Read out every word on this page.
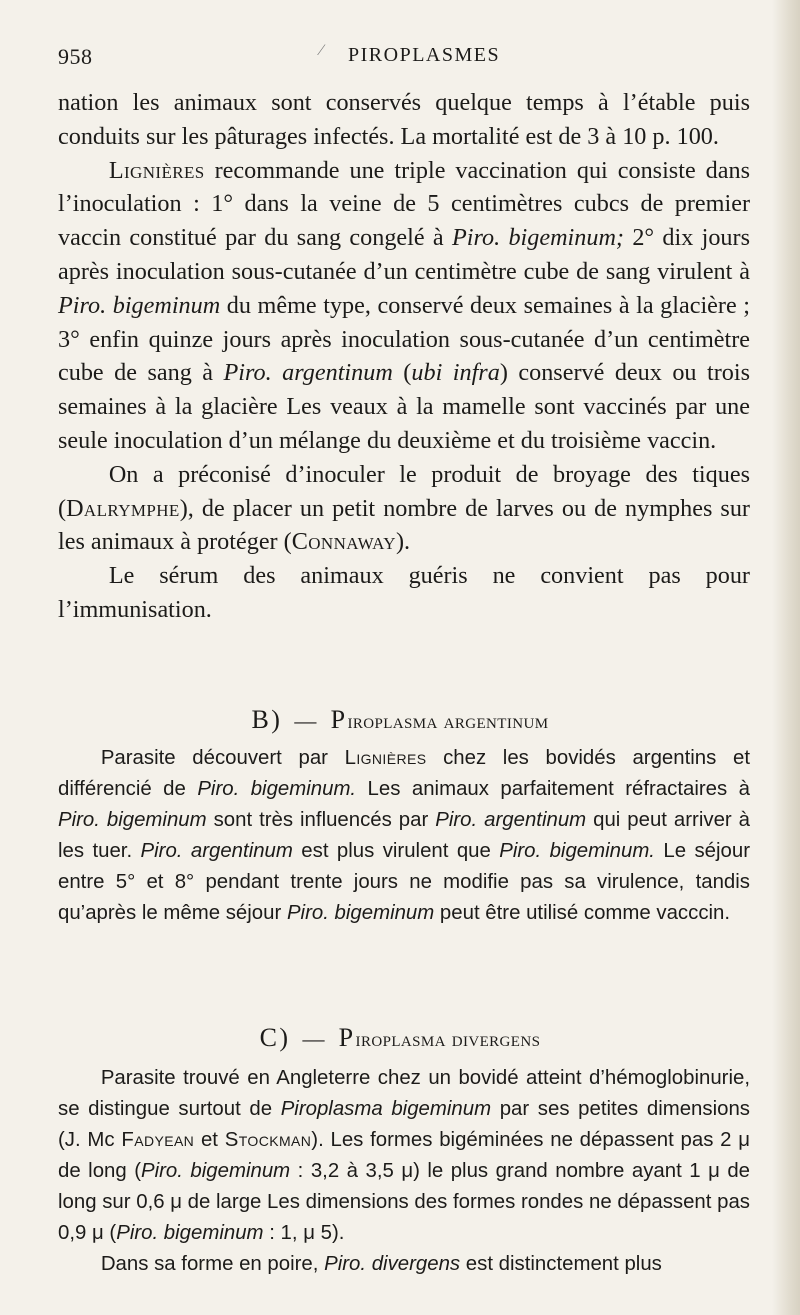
958	⁄ PIROPLASMES

nation les animaux sont conservés quelque temps à l’étable puis conduits sur les pâturages infectés. La mortalité est de 3 à 10 p. 100.

Lignières recommande une triple vaccination qui consiste dans l’inoculation : 1° dans la veine de 5 centimètres cubcs de premier vaccin constitué par du sang congelé à Piro. bigeminum; 2° dix jours après inoculation sous-cutanée d’un centimètre cube de sang virulent à Piro. bigeminum du même type, conservé deux semaines à la glacière ; 3° enfin quinze jours après inoculation sous-cutanée d’un centimètre cube de sang à Piro. argentinum (ubi infra) conservé deux ou trois semaines à la glacière Les veaux à la mamelle sont vaccinés par une seule inoculation d’un mélange du deuxième et du troisième vaccin.

On a préconisé d’inoculer le produit de broyage des tiques (Dalrymphe), de placer un petit nombre de larves ou de nymphes sur les animaux à protéger (Connaway).

Le sérum des animaux guéris ne convient pas pour l’immunisation.

B) — Piroplasma argentinum

Parasite découvert par Lignières chez les bovidés argentins et différencié de Piro. bigeminum. Les animaux parfaitement réfractaires à Piro. bigeminum sont très influencés par Piro. argentinum qui peut arriver à les tuer. Piro. argentinum est plus virulent que Piro. bigeminum. Le séjour entre 5° et 8° pendant trente jours ne modifie pas sa virulence, tandis qu’après le même séjour Piro. bigeminum peut être utilisé comme vacccin.

C) — Piroplasma divergens

Parasite trouvé en Angleterre chez un bovidé atteint d’hémoglobinurie, se distingue surtout de Piroplasma bigeminum par ses petites dimensions (J. Mc Fadyean et Stockman). Les formes bigéminées ne dépassent pas 2 μ de long (Piro. bigeminum : 3,2 à 3,5 μ) le plus grand nombre ayant 1 μ de long sur 0,6 μ de large Les dimensions des formes rondes ne dépassent pas 0,9 μ (Piro. bigeminum : 1, μ 5).

Dans sa forme en poire, Piro. divergens est distinctement plus
